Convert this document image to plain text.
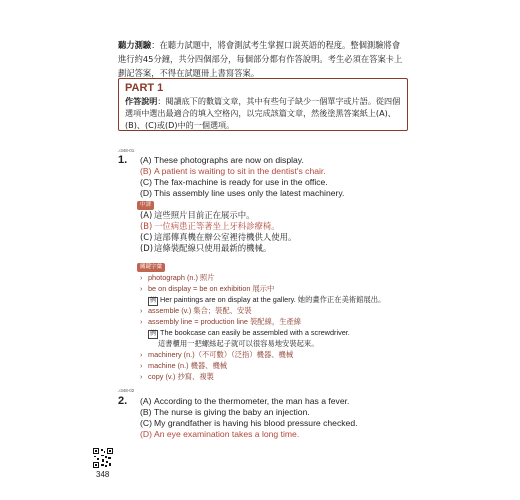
聽力測驗：在聽力試題中，將會測試考生掌握口說英語的程度。整個測驗將會進行約45分鐘，共分四個部分，每個部分都有作答說明。考生必須在答案卡上劃記答案，不得在試題冊上書寫答案。
PART 1
作答說明：閱讀底下的數篇文章，其中有些句子缺少一個單字或片語。從四個選項中選出最適合的填入空格內，以完成該篇文章，然後塗黑答案紙上(A)、(B)、(C)或(D)中的一個選項。
♪348-01
1. (A) These photographs are now on display.
(B) A patient is waiting to sit in the dentist's chair.
(C) The fax-machine is ready for use in the office.
(D) This assembly line uses only the latest machinery.
中譯
(A) 這些照片目前正在展示中。
(B) 一位病患正等著坐上牙科診療椅。
(C) 這部傳真機在辦公室裡待機供人使用。
(D)這條裝配線只使用最新的機械。
關鍵字彙
› photograph (n.) 照片
› be on display = be on exhibition 展示中
例 Her paintings are on display at the gallery. 她的畫作正在美術館展出。
› assemble (v.) 集合；裝配、安裝
› assembly line = production line 裝配線，生產線
例 The bookcase can easily be assembled with a screwdriver.
這書櫃用一把螺絲起子就可以很容易地安裝起來。
› machinery (n.)（不可數）（泛指）機器、機械
› machine (n.) 機器、機械
› copy (v.) 抄寫、複製
♪348-02
2. (A) According to the thermometer, the man has a fever.
(B) The nurse is giving the baby an injection.
(C) My grandfather is having his blood pressure checked.
(D) An eye examination takes a long time.
348
